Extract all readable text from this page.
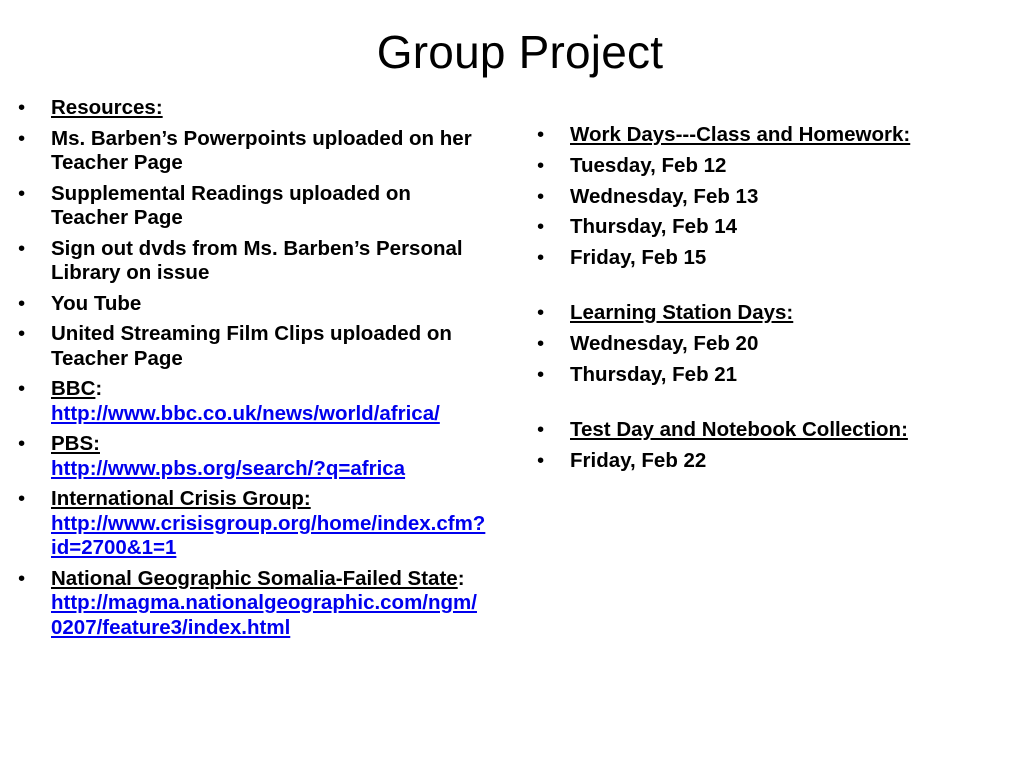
Group Project
• Resources:
• Ms. Barben’s Powerpoints uploaded on her Teacher Page
• Supplemental Readings uploaded on Teacher Page
• Sign out dvds from Ms. Barben’s Personal Library on issue
• You Tube
• United Streaming Film Clips uploaded on Teacher Page
• BBC:
http://www.bbc.co.uk/news/world/africa/
• PBS:
http://www.pbs.org/search/?q=africa
• International Crisis Group:
http://www.crisisgroup.org/home/index.cfm?id=2700&1=1
• National Geographic Somalia-Failed State:
http://magma.nationalgeographic.com/ngm/0207/feature3/index.html
• Work Days---Class and Homework:
• Tuesday, Feb 12
• Wednesday, Feb 13
• Thursday, Feb 14
• Friday, Feb 15
• Learning Station Days:
• Wednesday, Feb 20
• Thursday, Feb 21
• Test Day and Notebook Collection:
• Friday, Feb 22
